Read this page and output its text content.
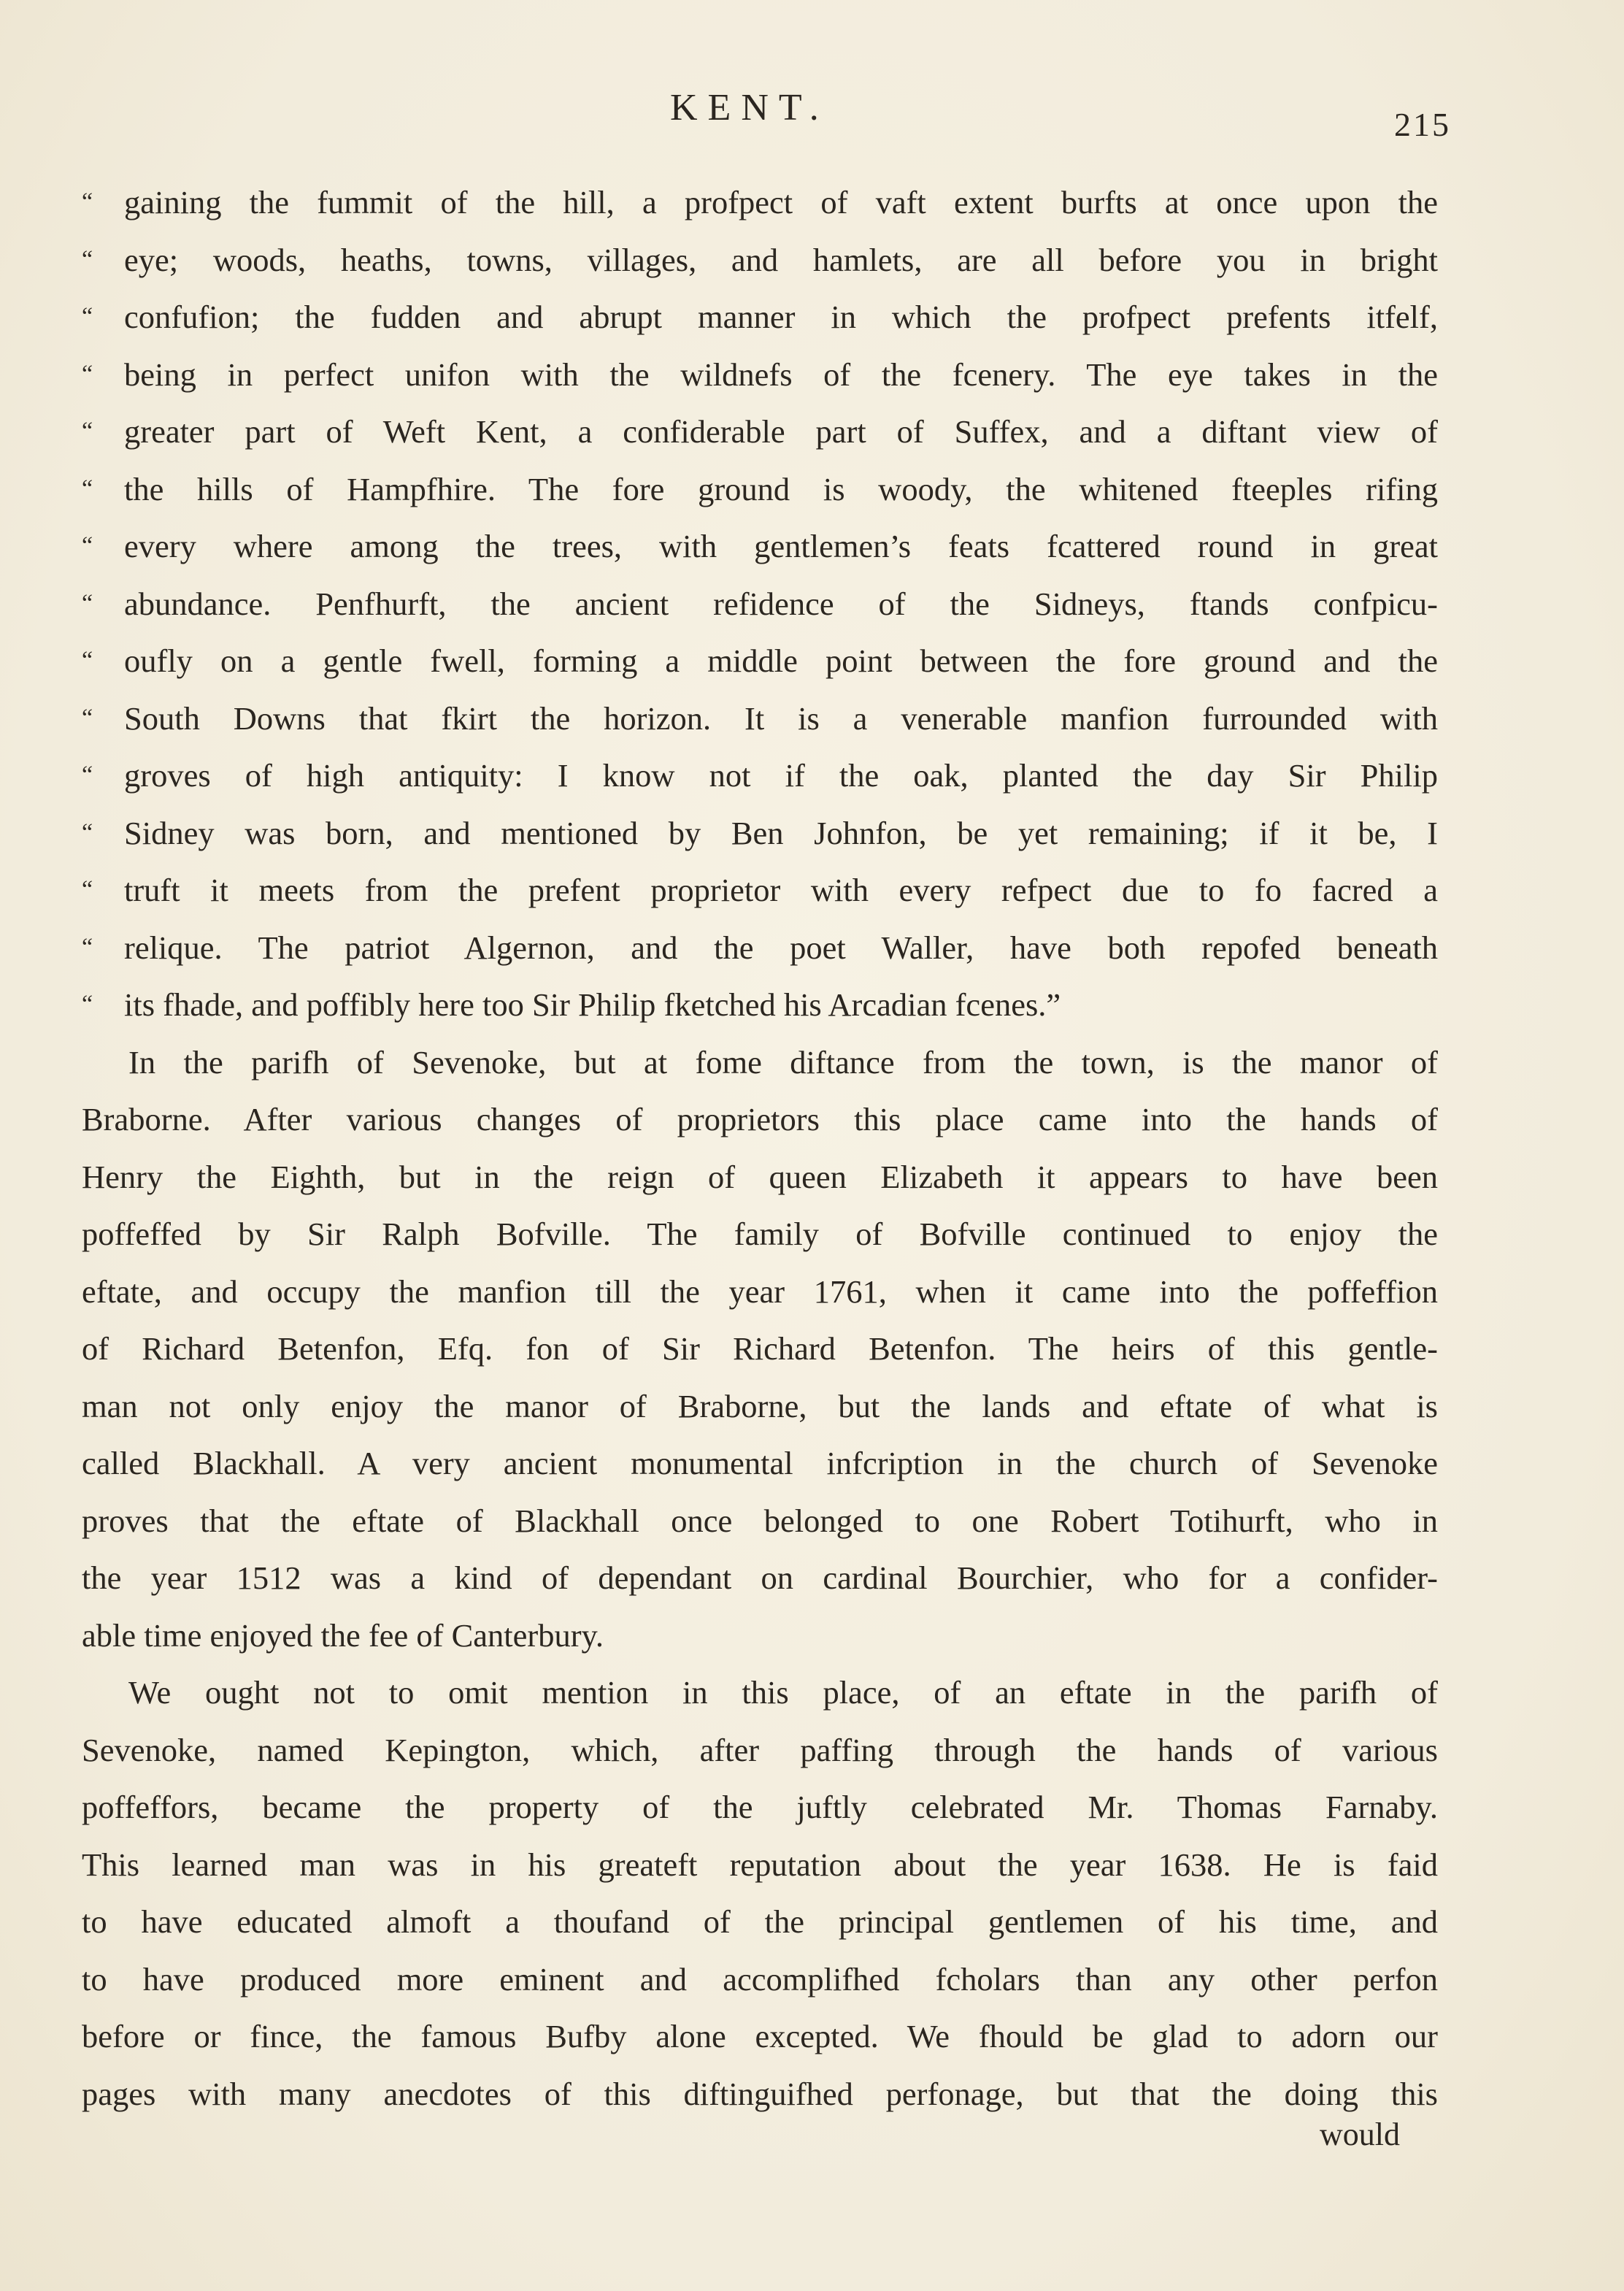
KENT.	215
“ gaining the fummit of the hill, a profpect of vaft extent burfts at once upon the
“ eye; woods, heaths, towns, villages, and hamlets, are all before you in bright
“ confufion; the fudden and abrupt manner in which the profpect prefents itfelf,
“ being in perfect unifon with the wildnefs of the fcenery. The eye takes in the
“ greater part of Weft Kent, a confiderable part of Suffex, and a diftant view of
“ the hills of Hampfhire. The fore ground is woody, the whitened fteeples rifing
“ every where among the trees, with gentlemen’s feats fcattered round in great
“ abundance. Penfhurft, the ancient refidence of the Sidneys, ftands confpicu-
“ oufly on a gentle fwell, forming a middle point between the fore ground and the
“ South Downs that fkirt the horizon. It is a venerable manfion furrounded with
“ groves of high antiquity: I know not if the oak, planted the day Sir Philip
“ Sidney was born, and mentioned by Ben Johnfon, be yet remaining; if it be, I
“ truft it meets from the prefent proprietor with every refpect due to fo facred a
“ relique. The patriot Algernon, and the poet Waller, have both repofed beneath
“ its fhade, and poffibly here too Sir Philip fketched his Arcadian fcenes.”
In the parifh of Sevenoke, but at fome diftance from the town, is the manor of
Braborne. After various changes of proprietors this place came into the hands of
Henry the Eighth, but in the reign of queen Elizabeth it appears to have been
poffeffed by Sir Ralph Bofville. The family of Bofville continued to enjoy the
eftate, and occupy the manfion till the year 1761, when it came into the poffeffion
of Richard Betenfon, Efq. fon of Sir Richard Betenfon. The heirs of this gentle-
man not only enjoy the manor of Braborne, but the lands and eftate of what is
called Blackhall. A very ancient monumental infcription in the church of Sevenoke
proves that the eftate of Blackhall once belonged to one Robert Totihurft, who in
the year 1512 was a kind of dependant on cardinal Bourchier, who for a confider-
able time enjoyed the fee of Canterbury.
We ought not to omit mention in this place, of an eftate in the parifh of
Sevenoke, named Kepington, which, after paffing through the hands of various
poffeffors, became the property of the juftly celebrated Mr. Thomas Farnaby.
This learned man was in his greateft reputation about the year 1638. He is faid
to have educated almoft a thoufand of the principal gentlemen of his time, and
to have produced more eminent and accomplifhed fcholars than any other perfon
before or fince, the famous Bufby alone excepted. We fhould be glad to adorn our
pages with many anecdotes of this diftinguifhed perfonage, but that the doing this
would
